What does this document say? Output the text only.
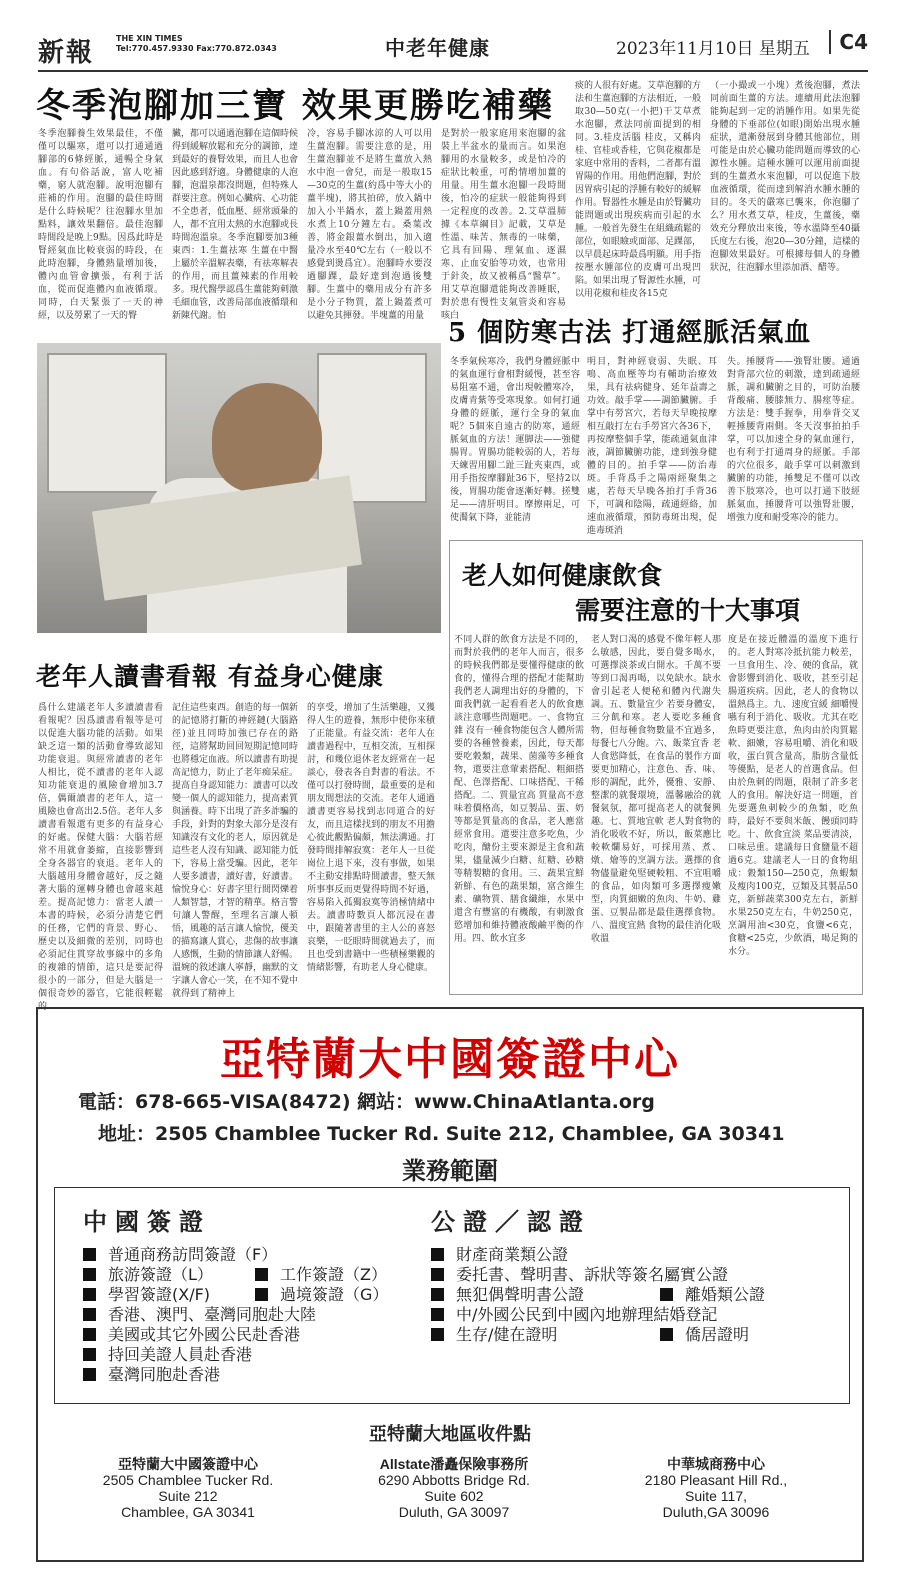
新報	THE XIN TIMES
Tel:770.457.9330 Fax:770.872.0343	中老年健康	2023年11月10日 星期五	C4
冬季泡腳加三寶 效果更勝吃補藥
冬季泡腳養生效果最佳，不僅僅可以驅寒，還可以打通通過腳部的6條經脈，通暢全身氣血。有句俗話說，富人吃補藥，窮人就泡腳。說明泡腳有莊補的作用。泡腳的最佳時間是什么時候呢？往泡腳水里加點料，讓效果翻倍。最佳泡腳時間段是晚上9點。因爲此時是腎經氣血比較衰弱的時段，在此時泡腳，身體熱量增加後，體內血管會擴張，有利于活血，從而促進體內血液循環。同時，白天緊張了一天的神經，以及勞累了一天的臀
臟，都可以通過泡腳在這個時候得到緩解放鬆和充分的調節，達到最好的養腎效果，而且人也會因此感到舒適。身體健康的人泡腳，泡溫泉都沒問題，但特殊人群要注意。例如心臟病、心功能不全患者，低血壓、經常頭暈的人，都不宜用太熱的水泡腳或長時間泡溫泉。冬季泡腳要加3種東西：1.生薑祛寒 生薑在中醫上屬於辛溫解表藥，有祛寒解表的作用，而且薑辣素的作用較多。現代醫學認爲生薑能夠刺激毛細血管，改善局部血液循環和新陳代謝。怕
冷，容易手腳冰涼的人可以用生薑泡腳。需要注意的是，用生薑泡腳並不是將生薑放入熱水中泡一會兒，而是一般取15—30克的生薑(約爲中等大小的薑半塊)，將其拍碎，放入鍋中加入小半鍋水，蓋上鍋蓋用熱水煮上10分鐘左右。桑葉改善，將金銀薑水倒出，加入適量冷水至40℃左右（一般以不感覺到燙爲宜）。泡腳時水要沒過腳踝，最好達到泡過後雙腳。生薑中的藥用成分有許多是小分子物質，蓋上鍋蓋煮可以避免其揮發。半塊薑的用量
是對於一般家庭用來泡腳的盆裝上半盆水的量而言。如果泡腳用的水量較多，或是怕冷的症狀比較重，可酌情增加薑的用量。用生薑水泡腳一段時間後，怕冷的症狀一般能夠得到一定程度的改善。2.艾草溫肺 據《本草綱目》記載，艾草是性溫、味苦、無毒的一味藥，它具有回陽、理氣血、逐濕寒、止血安胎等功效，也常用于針灸，故又被稱爲“醫草”。用艾草泡腳還能夠改善睡眠，對於患有慢性支氣管炎和容易咳白
痰的人很有好處。艾草泡腳的方法和生薑泡腳的方法相近，一般取30—50克(一小把)干艾草煮水泡腳，煮法同前面提到的相同。3.桂皮活腦 桂皮，又稱肉桂、官桂或香桂，它與花椒都是家庭中常用的香料，二者都有溫胃陽的作用。用他們泡腳，對於因胃病引起的浮腫有較好的緩解作用。腎器性水腫是由於腎臟功能問題或出現疾病而引起的水腫。一般首先發生在組織疏鬆的部位，如眼瞼或面部、足踝部，以早晨起床時最爲明顯。用手指按壓水腫部位的皮膚可出現凹陷。如果出現了腎源性水腫，可以用花椒和桂皮各15克
（一小撮或一小塊）煮後泡腳，煮法同前面生薑的方法。連續用此法泡腳能夠起到一定的消腫作用。如果先從身體的下垂部位(如眼)開始出現水腫症狀，還漸發展到身體其他部位，則可能是由於心臟功能問題而導致的心源性水腫。這種水腫可以運用前面提到的生薑煮水來泡腳，可以促進下肢血液循環，從而達到解消水腫水腫的目的。冬天的嚴寒已襲來，你泡腳了么？用水煮艾草，桂皮，生薑後，藥效充分釋放出來後，等水溫降至40攝氏度左右後，泡20—30分鐘，這樣的泡腳效果最好。可根據每個人的身體狀況，往泡腳水里添加酒、醋等。
5 個防寒古法 打通經脈活氣血
冬季氣候寒冷，我們身體經脈中的氣血運行會相對緩慢，甚至容易阻塞不通，會出現較體寒冷，皮膚青紫等受寒現象。如何打通身體的經脈，運行全身的氣血呢？5個來自遠古的防寒，通經脈氣血的方法！運脚法——強健腸胃。胃腸功能較弱的人，若每天練習用腳二趾三趾夾東西，或用手指按摩腳趾36下，堅持2以後，胃腸功能會逐漸好轉。搓雙足——清肝明目。摩擦兩足，可使濁氣下降，並能清
明目，對神經衰弱、失眠、耳鳴、高血壓等均有輔助治療效果，具有祛病健身、延年益壽之功效。敲手掌——調節臟腑。手掌中有勞宮穴，若每天早晚按摩相互敲打左右手勞宮穴各36下，再按摩整個手掌，能疏通氣血津液，調節臟腑功能，達到強身健體的目的。拍手掌——防治毒斑。手背爲手之陽兩經聚集之處，若每天早晚各拍打手背36下，可調和陰陽，疏通經絡，加速血液循環，預防毒斑出現，促進毒斑消
失。捶腰背——強腎壯腰。通過對背部穴位的刺激，達到疏通經脈，調和臟腑之目的，可防治腰背酸痛、腰膝無力、腸痙等症。方法是：雙手握拳，用拳背交叉輕捶腰背兩側。冬天沒事拍拍手掌，可以加速全身的氣血運行，也有利于打通周身的經脈。手部的穴位很多，敲手掌可以刺激到臟腑的功能，捶雙足不僅可以改善下肢寒冷，也可以打通下肢經脈氣血，捶腰背可以強腎壯腰，增強力度和耐受寒冷的能力。
老人如何健康飲食
需要注意的十大事項
不同人群的飲食方法是不同的，而對於我們的老年人而言，很多的時候我們都是要懂得健康的飲食的，懂得合理的搭配才能幫助我們老人調理出好的身體的，下面我們就一起看看老人的飲食應該注意哪些問題吧。一、食物宜雜 沒有一種食物能包含人體所需要的各種營養素，因此，每天都要吃穀類，蔬果、菌藻等多種食物，還要注意葷素搭配、粗細搭配、色澤搭配、口味搭配、干稀搭配。二、質量宜高 質量高不意味着價格高，如豆製品、蛋、奶等都是質量高的食品，老人應當經常食用。還要注意多吃魚，少吃肉，醣份主要來源是主食和蔬果，儘量減少白糖、紅糖、砂糖等精製糖的食用。三、蔬果宜鮮 新鮮、有色的蔬果類，富含維生素、礦物質、膳食纖維，水果中還含有豐富的有機酸，有刺激食慾增加和維持體液酸鹼平衡的作用。四、飲水宜多
老人對口渴的感覺不像年輕人那么敏感，因此，要自覺多喝水，可選擇淡茶或白開水。千萬不要等到口渴再喝，以免缺水。缺水會引起老人便秘和體內代謝失調。五、數量宜少 若要身體安，三分飢和寒。老人要吃多種食物，但每種食物數量不宜過多，每餐七八分飽。六、飯菜宜香 老人食慾降低，在食品的製作方面要更加精心，注意色、香、味、形的調配，此外，優雅、安靜、整潔的就餐環境，溫馨融洽的就餐氣氛，都可提高老人的就餐興趣。七、質地宜軟 老人對食物的消化吸收不好，所以，飯菜應比較軟爛易好，可採用蒸、煮、燉、燴等的烹調方法。選擇的食物儘量避免堅硬較粗、不宜咀嚼的食品，如肉類可多選擇瘦嫩型，肉質細嫩的魚肉、牛奶、雞蛋、豆製品都是最佳選擇食物。八、溫度宜熱 食物的最佳消化吸收溫
度是在接近體溫的溫度下進行的。老人對寒冷抵抗能力較差，一旦食用生、冷、硬的食品，就會影響到消化、吸收，甚至引起腸道疾病。因此，老人的食物以溫熱爲主。九、速度宜緩 細嚼慢嚥有利于消化、吸收。尤其在吃魚時更要注意，魚肉由於肉質鬆軟、細嫩，容易咀嚼、消化和吸收，蛋白質含量高，脂肪含量低等優點，是老人的首選食品。但由於魚刺的問題，限制了許多老人的食用。解決好這一問題，首先要選魚刺較少的魚類，吃魚時，最好不要與米飯、饅頭同時吃。十、飲食宜淡 菜品要清淡，口味忌重。建議每日食鹽量不超過6克。建議老人一日的食物組成：穀類150—250克，魚蝦類及瘦肉100克，豆類及其製品50克，新鮮蔬菜300克左右，新鮮水果250克左右，牛奶250克，烹調用油<30克，食鹽<6克，食糖<25克，少飲酒，喝足夠的水分。
老年人讀書看報 有益身心健康
爲什么建議老年人多讀讀書看看報呢？因爲讀書看報等是可以促進大腦功能的活動。如果缺乏這一類的活動會導致認知功能衰退。與經常讀書的老年人相比，從不讀書的老年人認知功能衰退的風險會增加3.7倍，偶爾讀書的老年人，這一風險也會高出2.5倍。老年人多讀書看報還有更多的有益身心的好處。保健大腦：大腦若經常不用就會萎縮，直接影響到全身各器官的衰退。老年人的大腦越用身體會越好，反之隨著大腦的運轉身體也會越來越差。提高記憶力：當老人讀一本書的時候，必須分清楚它們的任務，它們的背景、野心、歷史以及細微的差別，同時也必須記住貫穿故事線中的多角的複雜的情節，這只是要記得很小的一部分，但是大腦是一個很奇妙的器官，它能很輕鬆的
記住這些東西。創造的每一個新的記憶將打斷的神經鏈(大腦路徑)並且同時加強已存在的路徑，這將幫助回回短期記憶同時也將穩定血液。所以讀書有助提高記憶力，防止了老年痴呆症。提高自身認知能力：讀書可以改變一個人的認知能力，提高素質與涵養。時下出現了許多詐騙的手段，針對的對象大部分是沒有知識沒有文化的老人，原因就是這些老人沒有知識、認知能力低下，容易上當受騙。因此，老年人要多讀書，讀好書，好讀書。愉悅身心：好書字里行間閃爍着人類智慧，才智的精華。格言警句讓人警醒，至理名言讓人頓悟，風趣的話言讓人愉悅，優美的描寫讓人賞心，悲傷的故事讓人感慨，生動的情節讓人舒暢。溫婉的敘述讓人寧靜，幽默的文字讓人會心一笑，在不知不覺中就得到了精神上
的享受，增加了生活樂趣，又獲得人生的遊養，無形中使你來積了正能量。有益交流：老年人在讀書過程中，互相交流，互相探討，和幾位退休老友經常在一起談心，發表各自對書的看法。不僅可以打發時間，最重要的是和朋友間想法的交流。老年人通過讀書更容易找到志同道合的好友，而且這樣找到的朋友不用擔心彼此觀點偏頗，無法溝通。打發時間排解寂寞：老年人一旦從崗位上退下來，沒有事做，如果不主動安排點時間讀書，整天無所事事反而更覺得時間不好過，容易陷入孤獨寂寞等消極情緒中去。讀書時數頁人都沉浸在書中，跟隨著書里的主人公的喜怒哀樂，一眨眼時間就過去了，而且也受到書籍中一些積極樂觀的情緒影響，有助老人身心健康。
亞特蘭大中國簽證中心
電話：678-665-VISA(8472) 網站：www.ChinaAtlanta.org
地址：2505 Chamblee Tucker Rd. Suite 212, Chamblee, GA 30341
業務範圍
中國簽證	公證／認證
普通商務訪問簽證（F）
旅游簽證（L）
學習簽證(X/F)
香港、澳門、臺灣同胞赴大陸
美國或其它外國公民赴香港
持回美證人員赴香港
臺灣同胞赴香港
工作簽證（Z）
過境簽證（G）
財產商業類公證
委托書、聲明書、訴狀等簽名屬實公證
無犯偶聲明書公證
中/外國公民到中國內地辦理結婚登記
生存/健在證明
離婚類公證
僑居證明
亞特蘭大地區收件點
亞特蘭大中國簽證中心
2505 Chamblee Tucker Rd.
Suite 212
Chamblee, GA 30341
Allstate潘矗保險事務所
6290 Abbotts Bridge Rd.
Suite 602
Duluth, GA 30097
中華城商務中心
2180 Pleasant Hill Rd.,
Suite 117,
Duluth,GA 30096
